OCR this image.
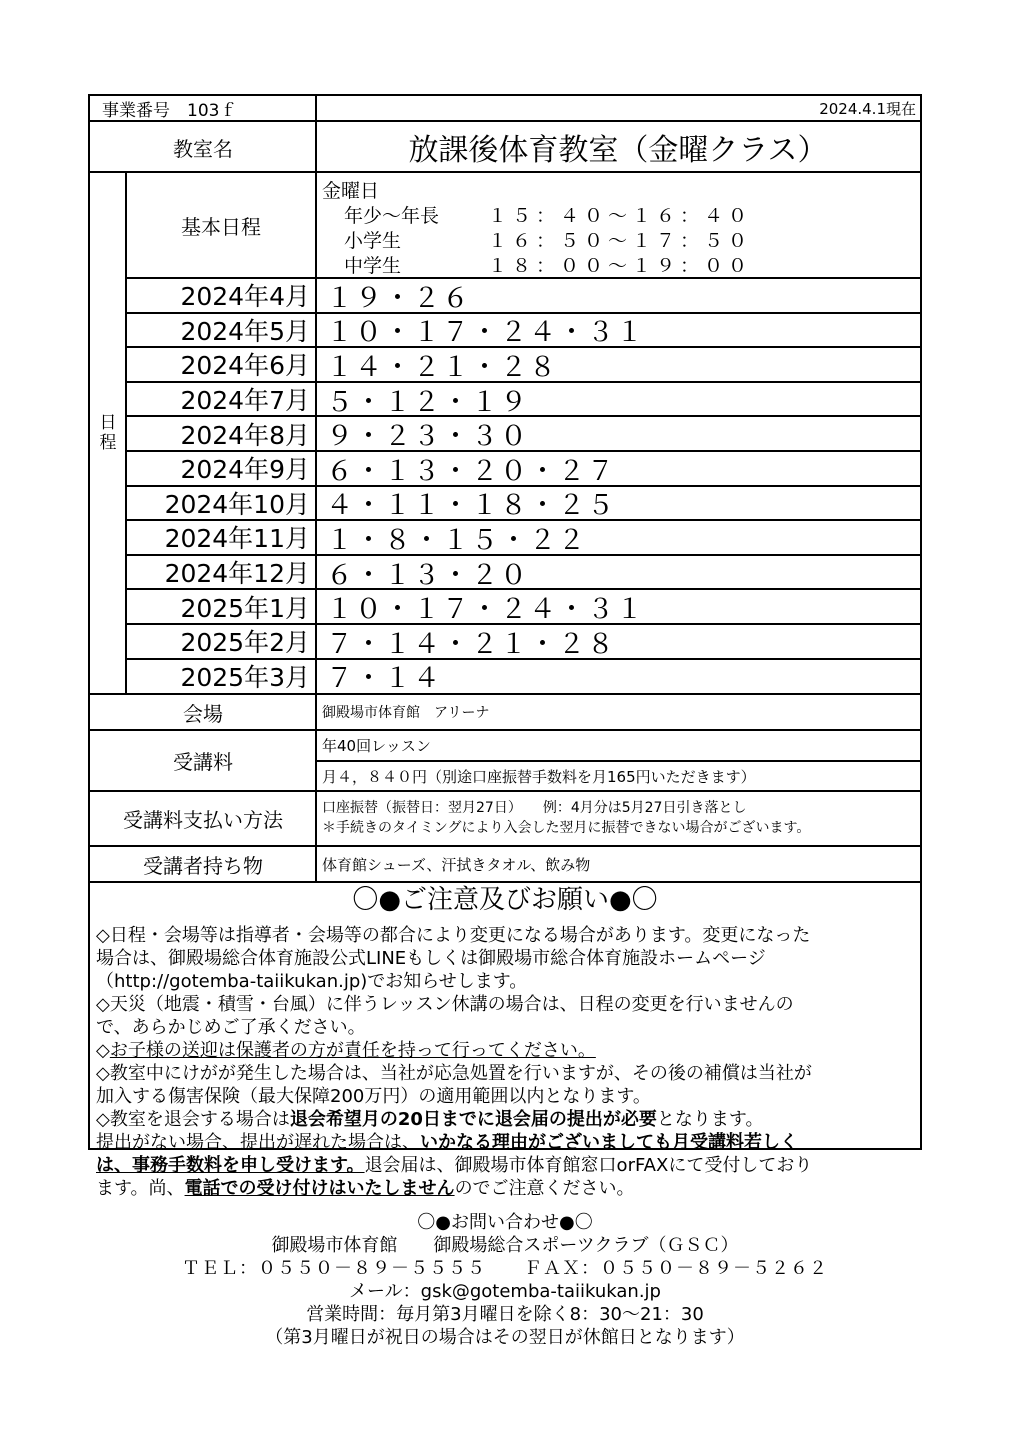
事業番号　103ｆ	2024.4.1現在
教室名	放課後体育教室（金曜クラス）
日
程
基本日程
金曜日
年少～年長	１５：４０～１６：４０
小学生	１６：５０～１７：５０
中学生	１８：００～１９：００
2024年4月 １９・２６
2024年5月 １０・１７・２４・３１
2024年6月 １４・２１・２８
2024年7月 ５・１２・１９
2024年8月 ９・２３・３０
2024年9月 ６・１３・２０・２７
2024年10月 ４・１１・１８・２５
2024年11月 １・８・１５・２２
2024年12月 ６・１３・２０
2025年1月 １０・１７・２４・３１
2025年2月 ７・１４・２１・２８
2025年3月 ７・１４
会場	御殿場市体育館　アリーナ
受講料
年40回レッスン
月４，８４０円（別途口座振替手数料を月165円いただきます）
受講料支払い方法	口座振替（振替日：翌月27日）　　例：4月分は5月27日引き落とし
＊手続きのタイミングにより入会した翌月に振替できない場合がございます。
受講者持ち物	体育館シューズ、汗拭きタオル、飲み物
〇●ご注意及びお願い●〇
◇日程・会場等は指導者・会場等の都合により変更になる場合があります。変更になった
場合は、御殿場総合体育施設公式LINEもしくは御殿場市総合体育施設ホームページ
（http://gotemba-taiikukan.jp)でお知らせします。
◇天災（地震・積雪・台風）に伴うレッスン休講の場合は、日程の変更を行いませんの
で、あらかじめご了承ください。
◇お子様の送迎は保護者の方が責任を持って行ってください。
◇教室中にけがが発生した場合は、当社が応急処置を行いますが、その後の補償は当社が
加入する傷害保険（最大保障200万円）の適用範囲以内となります。
◇教室を退会する場合は退会希望月の20日までに退会届の提出が必要となります。
提出がない場合、提出が遅れた場合は、いかなる理由がございましても月受講料若しく
は、事務手数料を申し受けます。退会届は、御殿場市体育館窓口orFAXにて受付しており
ます。尚、電話での受け付けはいたしませんのでご注意ください。
〇●お問い合わせ●〇
御殿場市体育館　　御殿場総合スポーツクラブ（ＧＳＣ）
ＴＥＬ：０５５０－８９－５５５５　　ＦＡＸ：０５５０－８９－５２６２
メール：gsk@gotemba-taiikukan.jp
営業時間：毎月第3月曜日を除く8：30～21：30
（第3月曜日が祝日の場合はその翌日が休館日となります）
